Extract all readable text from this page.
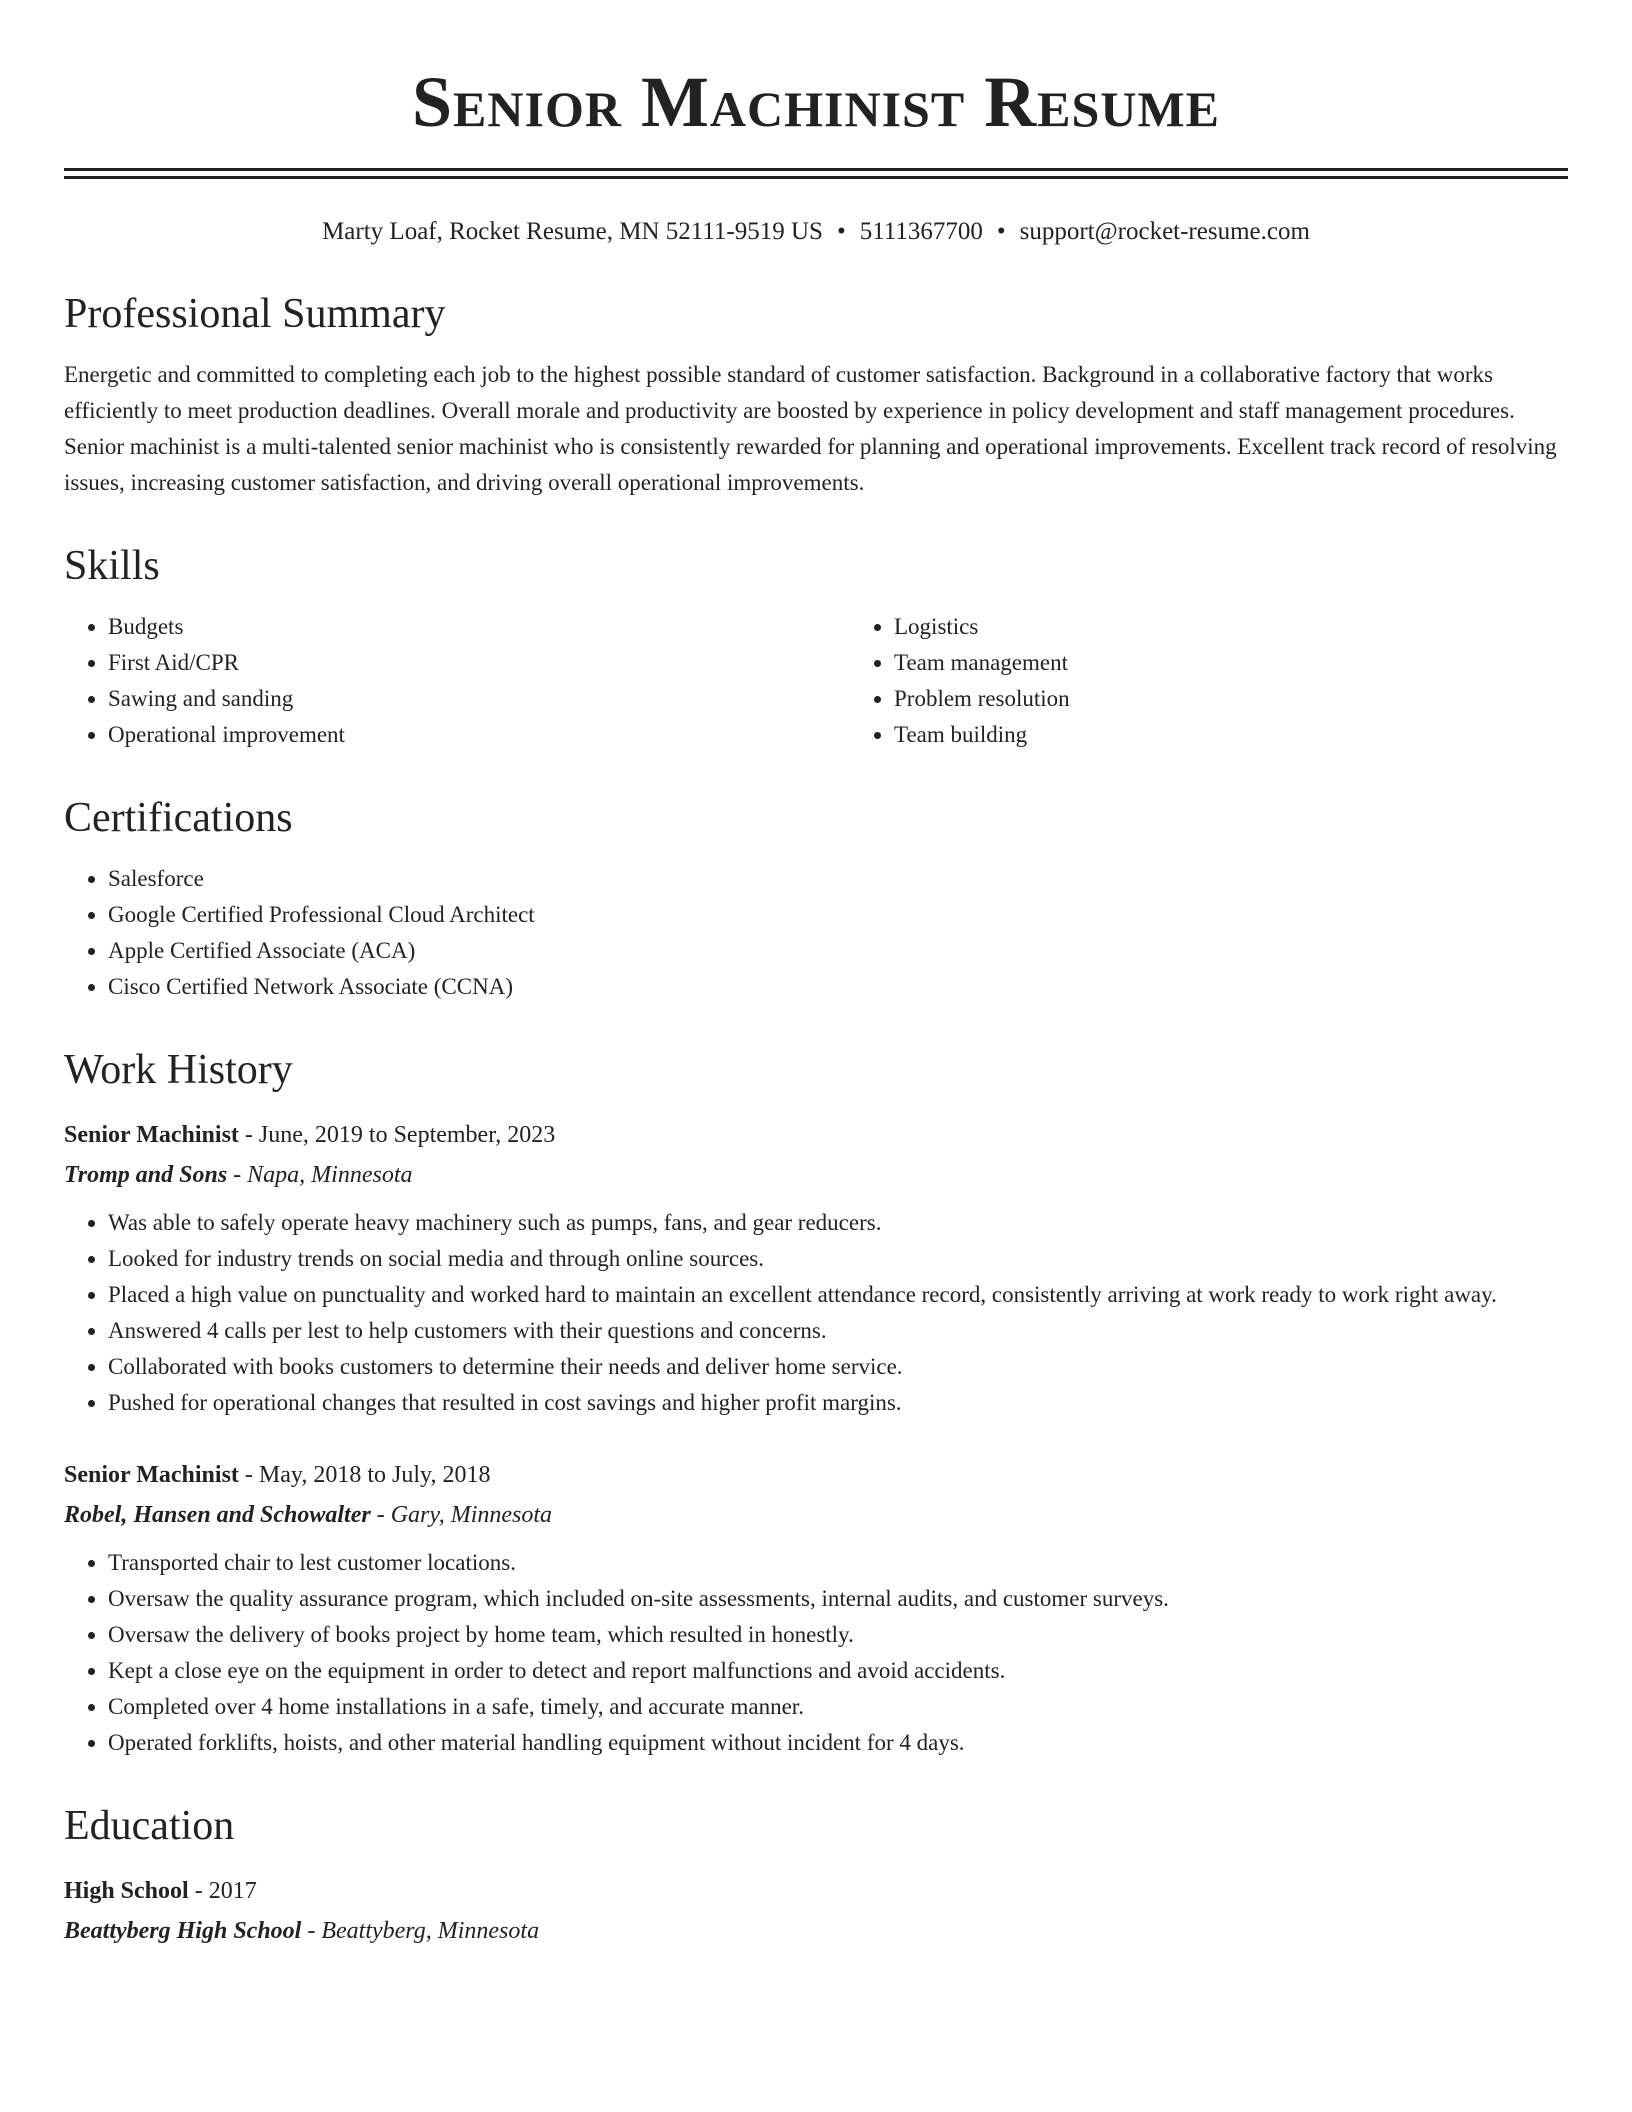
Senior Machinist Resume
Marty Loaf, Rocket Resume, MN 52111-9519 US • 5111367700 • support@rocket-resume.com
Professional Summary

Energetic and committed to completing each job to the highest possible standard of customer satisfaction. Background in a collaborative factory that works efficiently to meet production deadlines. Overall morale and productivity are boosted by experience in policy development and staff management procedures. Senior machinist is a multi-talented senior machinist who is consistently rewarded for planning and operational improvements. Excellent track record of resolving issues, increasing customer satisfaction, and driving overall operational improvements.

Skills
• Budgets
• First Aid/CPR
• Sawing and sanding
• Operational improvement
• Logistics
• Team management
• Problem resolution
• Team building
Certifications
• Salesforce
• Google Certified Professional Cloud Architect
• Apple Certified Associate (ACA)
• Cisco Certified Network Associate (CCNA)
Work History
Senior Machinist - June, 2019 to September, 2023
Tromp and Sons - Napa, Minnesota
• Was able to safely operate heavy machinery such as pumps, fans, and gear reducers.
• Looked for industry trends on social media and through online sources.
• Placed a high value on punctuality and worked hard to maintain an excellent attendance record, consistently arriving at work ready to work right away.
• Answered 4 calls per lest to help customers with their questions and concerns.
• Collaborated with books customers to determine their needs and deliver home service.
• Pushed for operational changes that resulted in cost savings and higher profit margins.
Senior Machinist - May, 2018 to July, 2018
Robel, Hansen and Schowalter - Gary, Minnesota
• Transported chair to lest customer locations.
• Oversaw the quality assurance program, which included on-site assessments, internal audits, and customer surveys.
• Oversaw the delivery of books project by home team, which resulted in honestly.
• Kept a close eye on the equipment in order to detect and report malfunctions and avoid accidents.
• Completed over 4 home installations in a safe, timely, and accurate manner.
• Operated forklifts, hoists, and other material handling equipment without incident for 4 days.
Education
High School - 2017
Beattyberg High School - Beattyberg, Minnesota
